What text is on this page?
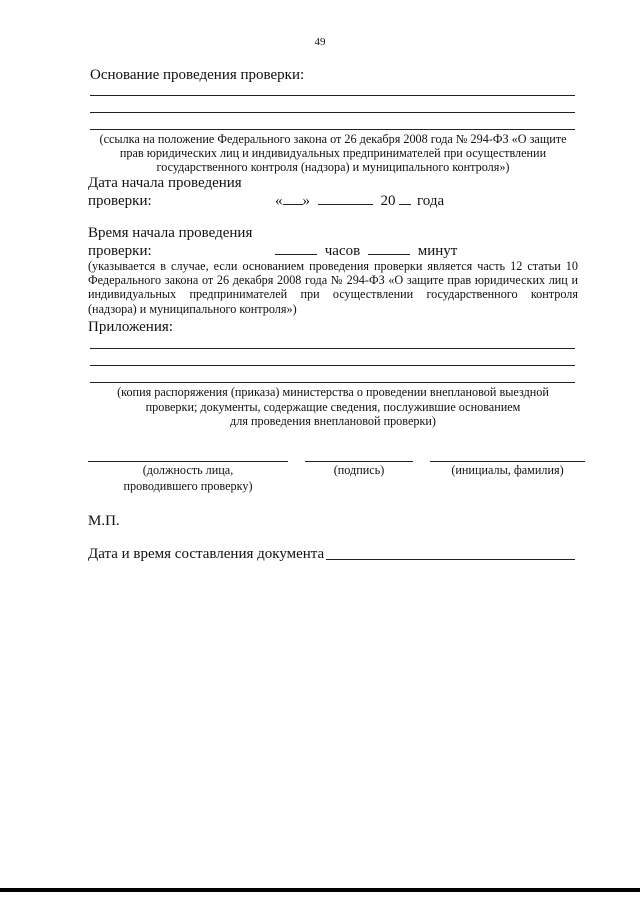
49
Основание проведения проверки:
(ссылка на положение Федерального закона от 26 декабря 2008 года № 294-ФЗ «О защите прав юридических лиц и индивидуальных предпринимателей при осуществлении государственного контроля (надзора) и муниципального контроля»)
Дата начала проведения
проверки:	« »	20 года
Время начала проведения
проверки:	часов	минут
(указывается в случае, если основанием проведения проверки является часть 12 статьи 10 Федерального закона от 26 декабря 2008 года № 294-ФЗ «О защите прав юридических лиц и индивидуальных предпринимателей при осуществлении государственного контроля (надзора) и муниципального контроля»)
Приложения:
(копия распоряжения (приказа) министерства о проведении внеплановой выездной
проверки; документы, содержащие сведения, послужившие основанием
для проведения внеплановой проверки)
(должность лица,
проводившего проверку)
(подпись)	(инициалы, фамилия)
М.П.
Дата и время составления документа
